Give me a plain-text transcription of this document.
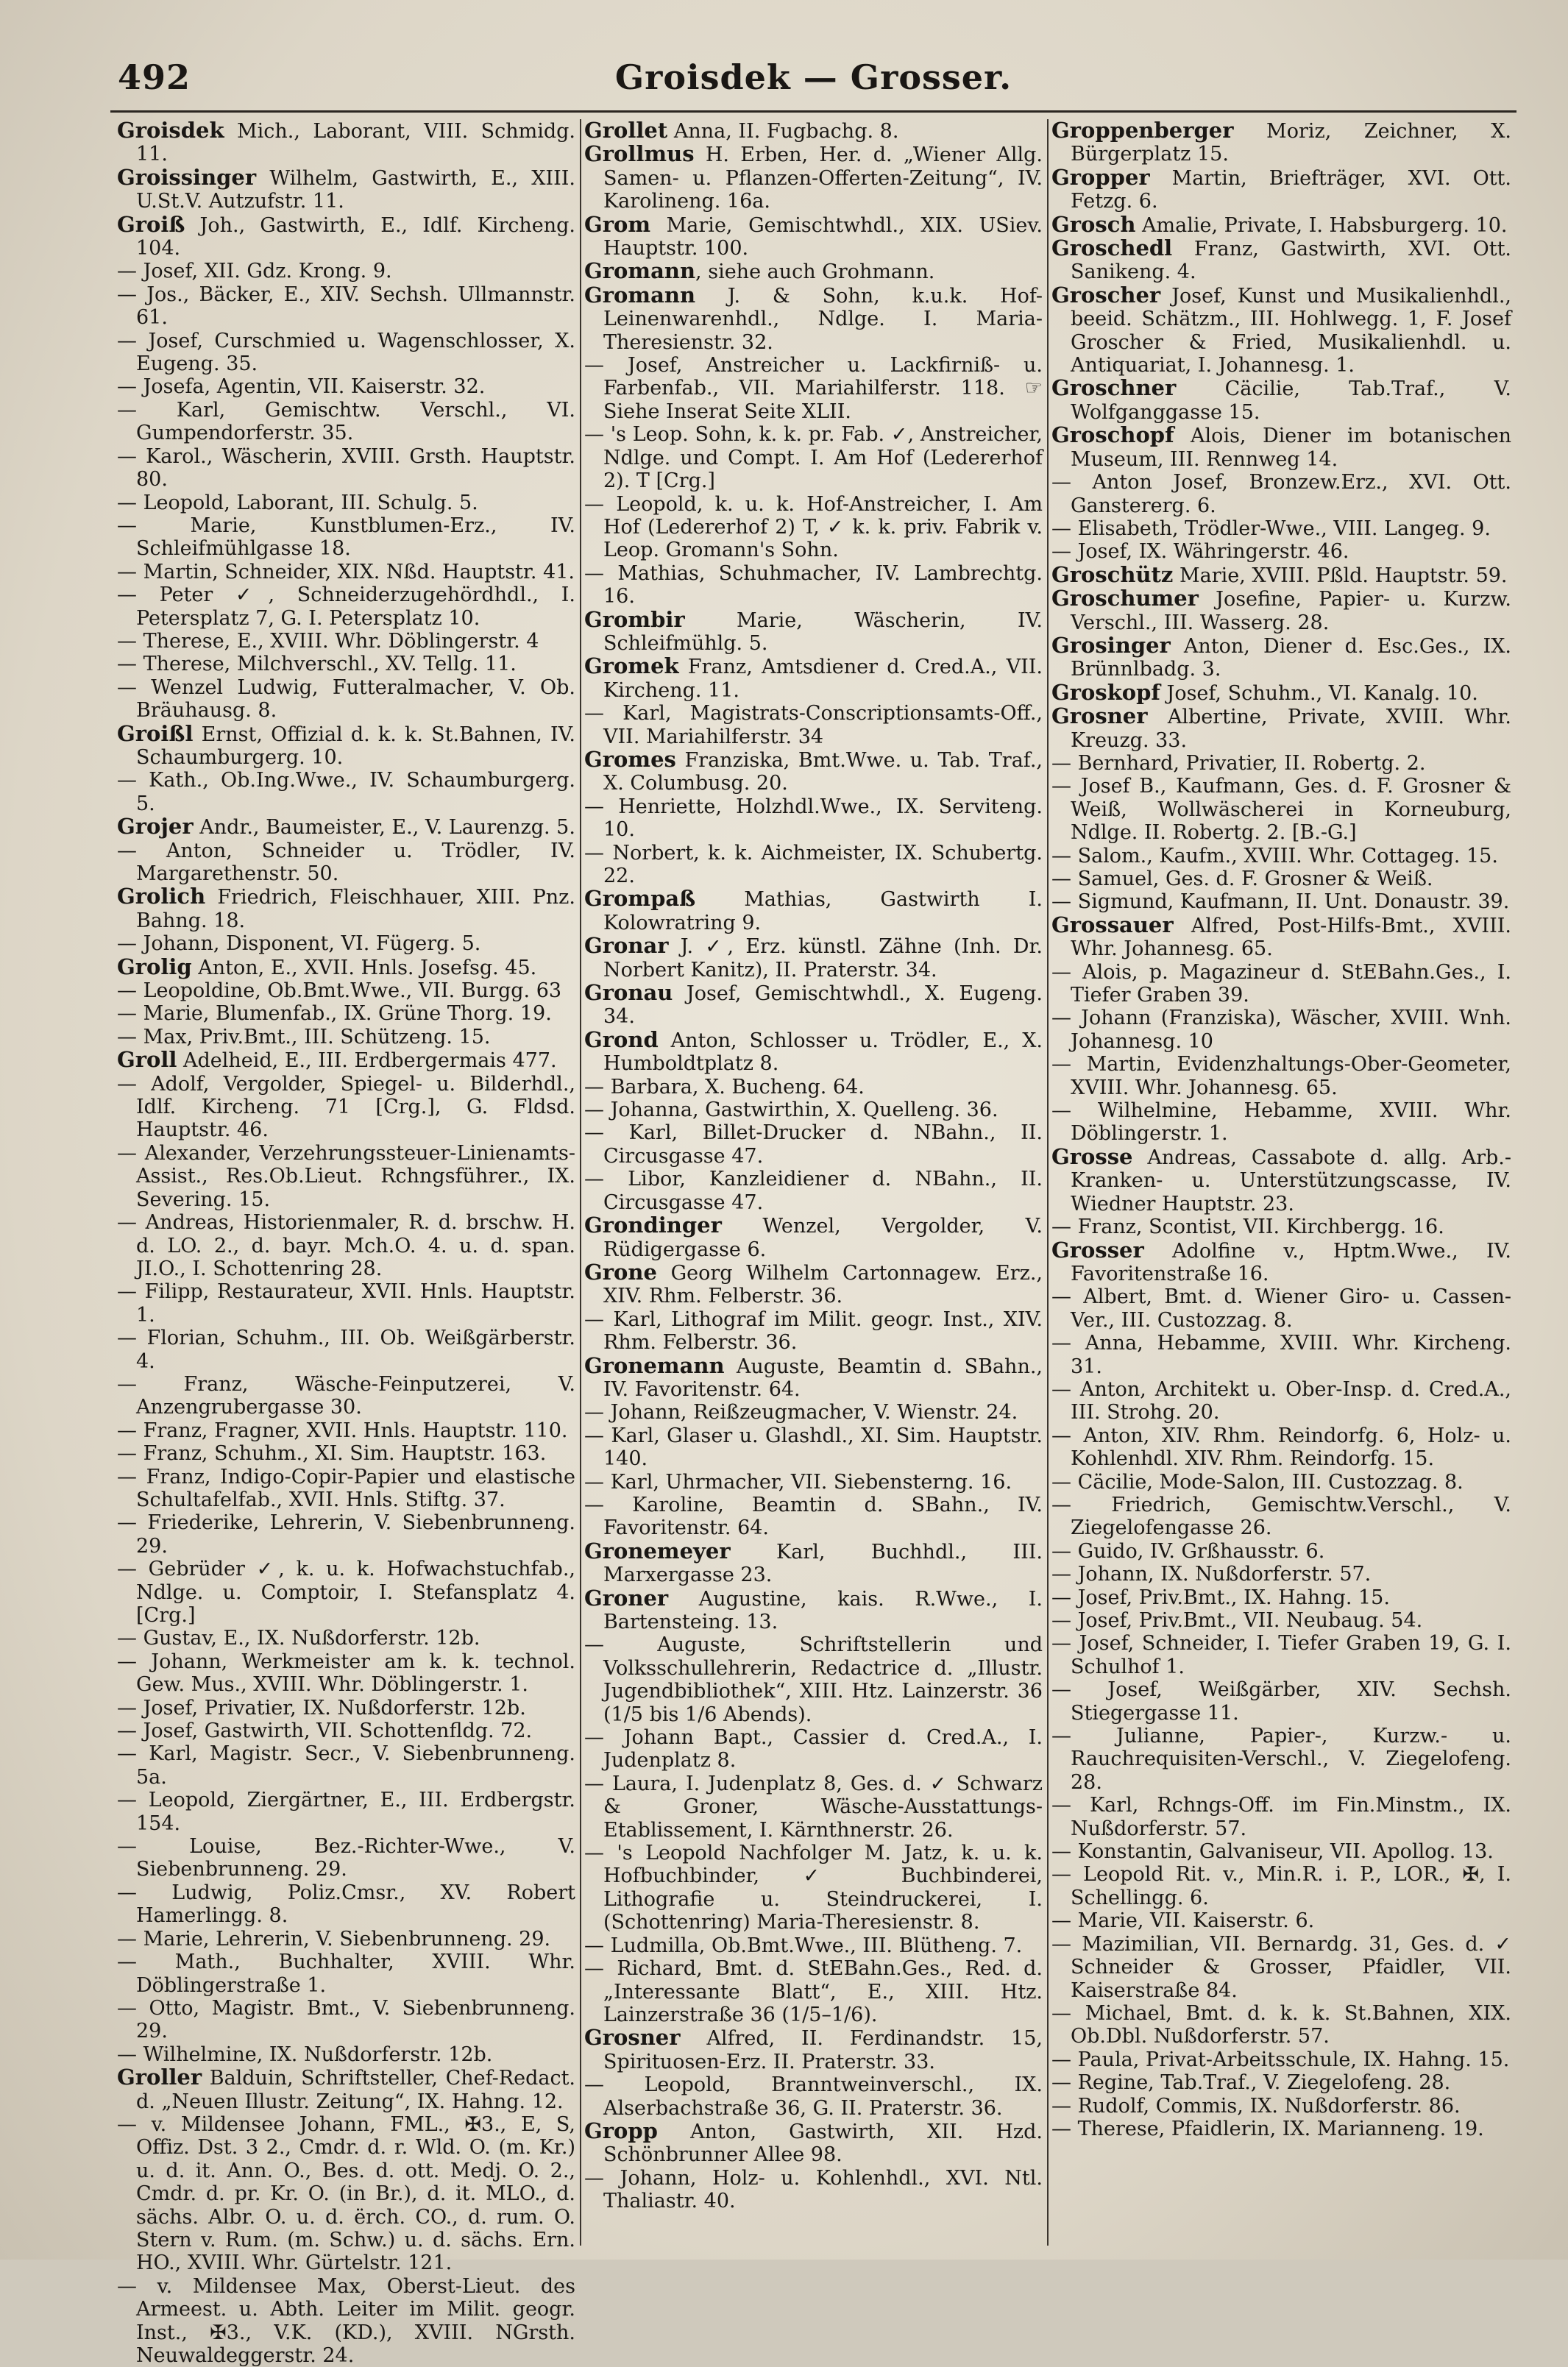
492	Groisdek — Grosser.

Groisdek Mich., Laborant, VIII. Schmidg. 11.

Groissinger Wilhelm, Gastwirth, E., XIII. U.St.V. Autzufstr. 11.

Groiß Joh., Gastwirth, E., Idlf. Kircheng. 104.

— Josef, XII. Gdz. Krong. 9.

— Jos., Bäcker, E., XIV. Sechsh. Ullmannstr. 61.

— Josef, Curschmied u. Wagenschlosser, X. Eugeng. 35.

— Josefa, Agentin, VII. Kaiserstr. 32.

— Karl, Gemischtw. Verschl., VI. Gumpendorferstr. 35.

— Karol., Wäscherin, XVIII. Grsth. Hauptstr. 80.

— Leopold, Laborant, III. Schulg. 5.

— Marie, Kunstblumen-Erz., IV. Schleifmühlgasse 18.

— Martin, Schneider, XIX. Nßd. Hauptstr. 41.

— Peter ✓, Schneiderzugehördhdl., I. Petersplatz 7, G. I. Petersplatz 10.

— Therese, E., XVIII. Whr. Döblingerstr. 4

— Therese, Milchverschl., XV. Tellg. 11.

— Wenzel Ludwig, Futteralmacher, V. Ob. Bräuhausg. 8.

Groißl Ernst, Offizial d. k. k. St.Bahnen, IV. Schaumburgerg. 10.

— Kath., Ob.Ing.Wwe., IV. Schaumburgerg. 5.

Grojer Andr., Baumeister, E., V. Laurenzg. 5.

— Anton, Schneider u. Trödler, IV. Margarethenstr. 50.

Grolich Friedrich, Fleischhauer, XIII. Pnz. Bahng. 18.

— Johann, Disponent, VI. Fügerg. 5.

Grolig Anton, E., XVII. Hnls. Josefsg. 45.

— Leopoldine, Ob.Bmt.Wwe., VII. Burgg. 63

— Marie, Blumenfab., IX. Grüne Thorg. 19.

— Max, Priv.Bmt., III. Schützeng. 15.

Groll Adelheid, E., III. Erdbergermais 477.

— Adolf, Vergolder, Spiegel- u. Bilderhdl., Idlf. Kircheng. 71 [Crg.], G. Fldsd. Hauptstr. 46.

— Alexander, Verzehrungssteuer-Linienamts-Assist., Res.Ob.Lieut. Rchngsführer., IX. Severing. 15.

— Andreas, Historienmaler, R. d. brschw. H. d. LO. 2., d. bayr. Mch.O. 4. u. d. span. JI.O., I. Schottenring 28.

— Filipp, Restaurateur, XVII. Hnls. Hauptstr. 1.

— Florian, Schuhm., III. Ob. Weißgärberstr. 4.

— Franz, Wäsche-Feinputzerei, V. Anzengrubergasse 30.

— Franz, Fragner, XVII. Hnls. Hauptstr. 110.

— Franz, Schuhm., XI. Sim. Hauptstr. 163.

— Franz, Indigo-Copir-Papier und elastische Schultafelfab., XVII. Hnls. Stiftg. 37.

— Friederike, Lehrerin, V. Siebenbrunneng. 29.

— Gebrüder ✓, k. u. k. Hofwachstuchfab., Ndlge. u. Comptoir, I. Stefansplatz 4. [Crg.]

— Gustav, E., IX. Nußdorferstr. 12b.

— Johann, Werkmeister am k. k. technol. Gew. Mus., XVIII. Whr. Döblingerstr. 1.

— Josef, Privatier, IX. Nußdorferstr. 12b.

— Josef, Gastwirth, VII. Schottenfldg. 72.

— Karl, Magistr. Secr., V. Siebenbrunneng. 5a.

— Leopold, Ziergärtner, E., III. Erdbergstr. 154.

— Louise, Bez.-Richter-Wwe., V. Siebenbrunneng. 29.

— Ludwig, Poliz.Cmsr., XV. Robert Hamerlingg. 8.

— Marie, Lehrerin, V. Siebenbrunneng. 29.

— Math., Buchhalter, XVIII. Whr. Döblingerstraße 1.

— Otto, Magistr. Bmt., V. Siebenbrunneng. 29.

— Wilhelmine, IX. Nußdorferstr. 12b.

Groller Balduin, Schriftsteller, Chef-Redact. d. „Neuen Illustr. Zeitung“, IX. Hahng. 12.

— v. Mildensee Johann, FML., ✠3., E, S, Offiz. Dst. 3 2., Cmdr. d. r. Wld. O. (m. Kr.) u. d. it. Ann. O., Bes. d. ott. Medj. O. 2., Cmdr. d. pr. Kr. O. (in Br.), d. it. MLO., d. sächs. Albr. O. u. d. ërch. CO., d. rum. O. Stern v. Rum. (m. Schw.) u. d. sächs. Ern. HO., XVIII. Whr. Gürtelstr. 121.

— v. Mildensee Max, Oberst-Lieut. des Armeest. u. Abth. Leiter im Milit. geogr. Inst., ✠3., V.K. (KD.), XVIII. NGrsth. Neuwaldeggerstr. 24.

Grollet Anna, II. Fugbachg. 8.

Grollmus H. Erben, Her. d. „Wiener Allg. Samen- u. Pflanzen-Offerten-Zeitung“, IV. Karolineng. 16a.

Grom Marie, Gemischtwhdl., XIX. USiev. Hauptstr. 100.

Gromann, siehe auch Grohmann.

Gromann J. & Sohn, k.u.k. Hof-Leinenwarenhdl., Ndlge. I. Maria-Theresienstr. 32.

— Josef, Anstreicher u. Lackfirniß- u. Farbenfab., VII. Mariahilferstr. 118. ☞ Siehe Inserat Seite XLII.

— 's Leop. Sohn, k. k. pr. Fab. ✓, Anstreicher, Ndlge. und Compt. I. Am Hof (Ledererhof 2). T [Crg.]

— Leopold, k. u. k. Hof-Anstreicher, I. Am Hof (Ledererhof 2) T, ✓ k. k. priv. Fabrik v. Leop. Gromann's Sohn.

— Mathias, Schuhmacher, IV. Lambrechtg. 16.

Grombir Marie, Wäscherin, IV. Schleifmühlg. 5.

Gromek Franz, Amtsdiener d. Cred.A., VII. Kircheng. 11.

— Karl, Magistrats-Conscriptionsamts-Off., VII. Mariahilferstr. 34

Gromes Franziska, Bmt.Wwe. u. Tab. Traf., X. Columbusg. 20.

— Henriette, Holzhdl.Wwe., IX. Serviteng. 10.

— Norbert, k. k. Aichmeister, IX. Schubertg. 22.

Grompaß Mathias, Gastwirth I. Kolowratring 9.

Gronar J. ✓, Erz. künstl. Zähne (Inh. Dr. Norbert Kanitz), II. Praterstr. 34.

Gronau Josef, Gemischtwhdl., X. Eugeng. 34.

Grond Anton, Schlosser u. Trödler, E., X. Humboldtplatz 8.

— Barbara, X. Bucheng. 64.

— Johanna, Gastwirthin, X. Quelleng. 36.

— Karl, Billet-Drucker d. NBahn., II. Circusgasse 47.

— Libor, Kanzleidiener d. NBahn., II. Circusgasse 47.

Grondinger Wenzel, Vergolder, V. Rüdigergasse 6.

Grone Georg Wilhelm Cartonnagew. Erz., XIV. Rhm. Felberstr. 36.

— Karl, Lithograf im Milit. geogr. Inst., XIV. Rhm. Felberstr. 36.

Gronemann Auguste, Beamtin d. SBahn., IV. Favoritenstr. 64.

— Johann, Reißzeugmacher, V. Wienstr. 24.

— Karl, Glaser u. Glashdl., XI. Sim. Hauptstr. 140.

— Karl, Uhrmacher, VII. Siebensterng. 16.

— Karoline, Beamtin d. SBahn., IV. Favoritenstr. 64.

Gronemeyer Karl, Buchhdl., III. Marxergasse 23.

Groner Augustine, kais. R.Wwe., I. Bartensteing. 13.

— Auguste, Schriftstellerin und Volksschullehrerin, Redactrice d. „Illustr. Jugendbibliothek“, XIII. Htz. Lainzerstr. 36 (1/5 bis 1/6 Abends).

— Johann Bapt., Cassier d. Cred.A., I. Judenplatz 8.

— Laura, I. Judenplatz 8, Ges. d. ✓ Schwarz & Groner, Wäsche-Ausstattungs-Etablissement, I. Kärnthnerstr. 26.

— 's Leopold Nachfolger M. Jatz, k. u. k. Hofbuchbinder, ✓ Buchbinderei, Lithografie u. Steindruckerei, I. (Schottenring) Maria-Theresienstr. 8.

— Ludmilla, Ob.Bmt.Wwe., III. Blütheng. 7.

— Richard, Bmt. d. StEBahn.Ges., Red. d. „Interessante Blatt“, E., XIII. Htz. Lainzerstraße 36 (1/5–1/6).

Grosner Alfred, II. Ferdinandstr. 15, Spirituosen-Erz. II. Praterstr. 33.

— Leopold, Branntweinverschl., IX. Alserbachstraße 36, G. II. Praterstr. 36.

Gropp Anton, Gastwirth, XII. Hzd. Schönbrunner Allee 98.

— Johann, Holz- u. Kohlenhdl., XVI. Ntl. Thaliastr. 40.

Groppenberger Moriz, Zeichner, X. Bürgerplatz 15.

Gropper Martin, Briefträger, XVI. Ott. Fetzg. 6.

Grosch Amalie, Private, I. Habsburgerg. 10.

Groschedl Franz, Gastwirth, XVI. Ott. Sanikeng. 4.

Groscher Josef, Kunst und Musikalienhdl., beeid. Schätzm., III. Hohlwegg. 1, F. Josef Groscher & Fried, Musikalienhdl. u. Antiquariat, I. Johannesg. 1.

Groschner Cäcilie, Tab.Traf., V. Wolfganggasse 15.

Groschopf Alois, Diener im botanischen Museum, III. Rennweg 14.

— Anton Josef, Bronzew.Erz., XVI. Ott. Ganstererg. 6.

— Elisabeth, Trödler-Wwe., VIII. Langeg. 9.

— Josef, IX. Währingerstr. 46.

Groschütz Marie, XVIII. Pßld. Hauptstr. 59.

Groschumer Josefine, Papier- u. Kurzw. Verschl., III. Wasserg. 28.

Grosinger Anton, Diener d. Esc.Ges., IX. Brünnlbadg. 3.

Groskopf Josef, Schuhm., VI. Kanalg. 10.

Grosner Albertine, Private, XVIII. Whr. Kreuzg. 33.

— Bernhard, Privatier, II. Robertg. 2.

— Josef B., Kaufmann, Ges. d. F. Grosner & Weiß, Wollwäscherei in Korneuburg, Ndlge. II. Robertg. 2. [B.-G.]

— Salom., Kaufm., XVIII. Whr. Cottageg. 15.

— Samuel, Ges. d. F. Grosner & Weiß.

— Sigmund, Kaufmann, II. Unt. Donaustr. 39.

Grossauer Alfred, Post-Hilfs-Bmt., XVIII. Whr. Johannesg. 65.

— Alois, p. Magazineur d. StEBahn.Ges., I. Tiefer Graben 39.

— Johann (Franziska), Wäscher, XVIII. Wnh. Johannesg. 10

— Martin, Evidenzhaltungs-Ober-Geometer, XVIII. Whr. Johannesg. 65.

— Wilhelmine, Hebamme, XVIII. Whr. Döblingerstr. 1.

Grosse Andreas, Cassabote d. allg. Arb.-Kranken- u. Unterstützungscasse, IV. Wiedner Hauptstr. 23.

— Franz, Scontist, VII. Kirchbergg. 16.

Grosser Adolfine v., Hptm.Wwe., IV. Favoritenstraße 16.

— Albert, Bmt. d. Wiener Giro- u. Cassen-Ver., III. Custozzag. 8.

— Anna, Hebamme, XVIII. Whr. Kircheng. 31.

— Anton, Architekt u. Ober-Insp. d. Cred.A., III. Strohg. 20.

— Anton, XIV. Rhm. Reindorfg. 6, Holz- u. Kohlenhdl. XIV. Rhm. Reindorfg. 15.

— Cäcilie, Mode-Salon, III. Custozzag. 8.

— Friedrich, Gemischtw.Verschl., V. Ziegelofengasse 26.

— Guido, IV. Grßhausstr. 6.

— Johann, IX. Nußdorferstr. 57.

— Josef, Priv.Bmt., IX. Hahng. 15.

— Josef, Priv.Bmt., VII. Neubaug. 54.

— Josef, Schneider, I. Tiefer Graben 19, G. I. Schulhof 1.

— Josef, Weißgärber, XIV. Sechsh. Stiegergasse 11.

— Julianne, Papier-, Kurzw.- u. Rauchrequisiten-Verschl., V. Ziegelofeng. 28.

— Karl, Rchngs-Off. im Fin.Minstm., IX. Nußdorferstr. 57.

— Konstantin, Galvaniseur, VII. Apollog. 13.

— Leopold Rit. v., Min.R. i. P., LOR., ✠, I. Schellingg. 6.

— Marie, VII. Kaiserstr. 6.

— Mazimilian, VII. Bernardg. 31, Ges. d. ✓ Schneider & Grosser, Pfaidler, VII. Kaiserstraße 84.

— Michael, Bmt. d. k. k. St.Bahnen, XIX. Ob.Dbl. Nußdorferstr. 57.

— Paula, Privat-Arbeitsschule, IX. Hahng. 15.

— Regine, Tab.Traf., V. Ziegelofeng. 28.

— Rudolf, Commis, IX. Nußdorferstr. 86.

— Therese, Pfaidlerin, IX. Marianneng. 19.
